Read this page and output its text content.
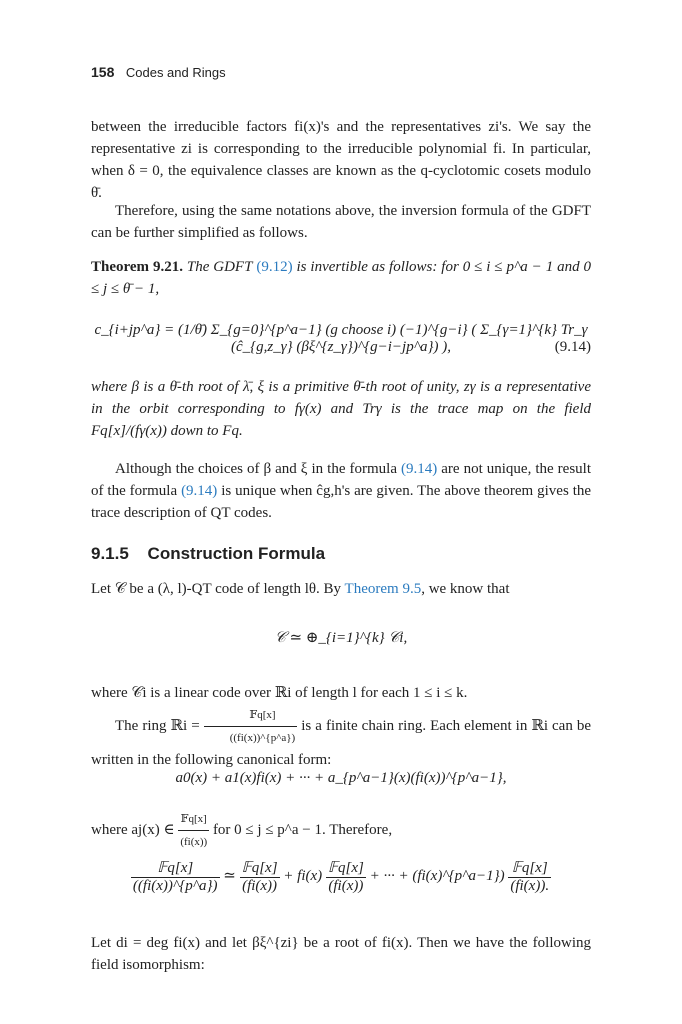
158 Codes and Rings

between the irreducible factors fi(x)'s and the representatives zi's. We say the representative zi is corresponding to the irreducible polynomial fi. In particular, when δ = 0, the equivalence classes are known as the q-cyclotomic cosets modulo θ̄.

Therefore, using the same notations above, the inversion formula of the GDFT can be further simplified as follows.

Theorem 9.21. The GDFT (9.12) is invertible as follows: for 0 ≤ i ≤ p^a − 1 and 0 ≤ j ≤ θ̄ − 1,

c_{i+jp^a} = (1/θ̄) Σ_{g=0}^{p^a−1} (g choose i) (−1)^{g−i} ( Σ_{γ=1}^{k} Tr_γ (ĉ_{g,z_γ} (βξ^{z_γ})^{g−i−jp^a}) ),	(9.14)

where β is a θ̄-th root of λ̄, ξ is a primitive θ̄-th root of unity, zγ is a representative in the orbit corresponding to fγ(x) and Trγ is the trace map on the field Fq[x]/(fγ(x)) down to Fq.

Although the choices of β and ξ in the formula (9.14) are not unique, the result of the formula (9.14) is unique when ĉg,h's are given. The above theorem gives the trace description of QT codes.

9.1.5 Construction Formula

Let 𝒞 be a (λ, l)-QT code of length lθ. By Theorem 9.5, we know that

𝒞 ≃ ⊕_{i=1}^{k} 𝒞i,

where 𝒞i is a linear code over ℝi of length l for each 1 ≤ i ≤ k.

The ring ℝi = $\frac{\text{𝔽q[x]}}{((fi(x))\^{}\{p\^{}a\})}$ is a finite chain ring. Each element in ℝi can be written in the following canonical form:

a0(x) + a1(x)fi(x) + ··· + a_{p^a−1}(x)(fi(x))^{p^a−1},

where aj(x) ∈ $\frac{\text{𝔽q[x]}}{(fi(x))}$ for 0 ≤ j ≤ p^a − 1. Therefore,

$\frac{\text{𝔽q[x]}}{((fi(x))\^{}\{p\^{}a\})}$ ≃ $\frac{\text{𝔽q[x]}}{(fi(x))} + fi(x) \frac{\text{𝔽q[x]}}{(fi(x))}$ + ··· + (fi(x)^{p^a−1}) $\frac{\text{𝔽q[x]}}{(fi(x)).}$

Let di = deg fi(x) and let βξ^{zi} be a root of fi(x). Then we have the following field isomorphism:
